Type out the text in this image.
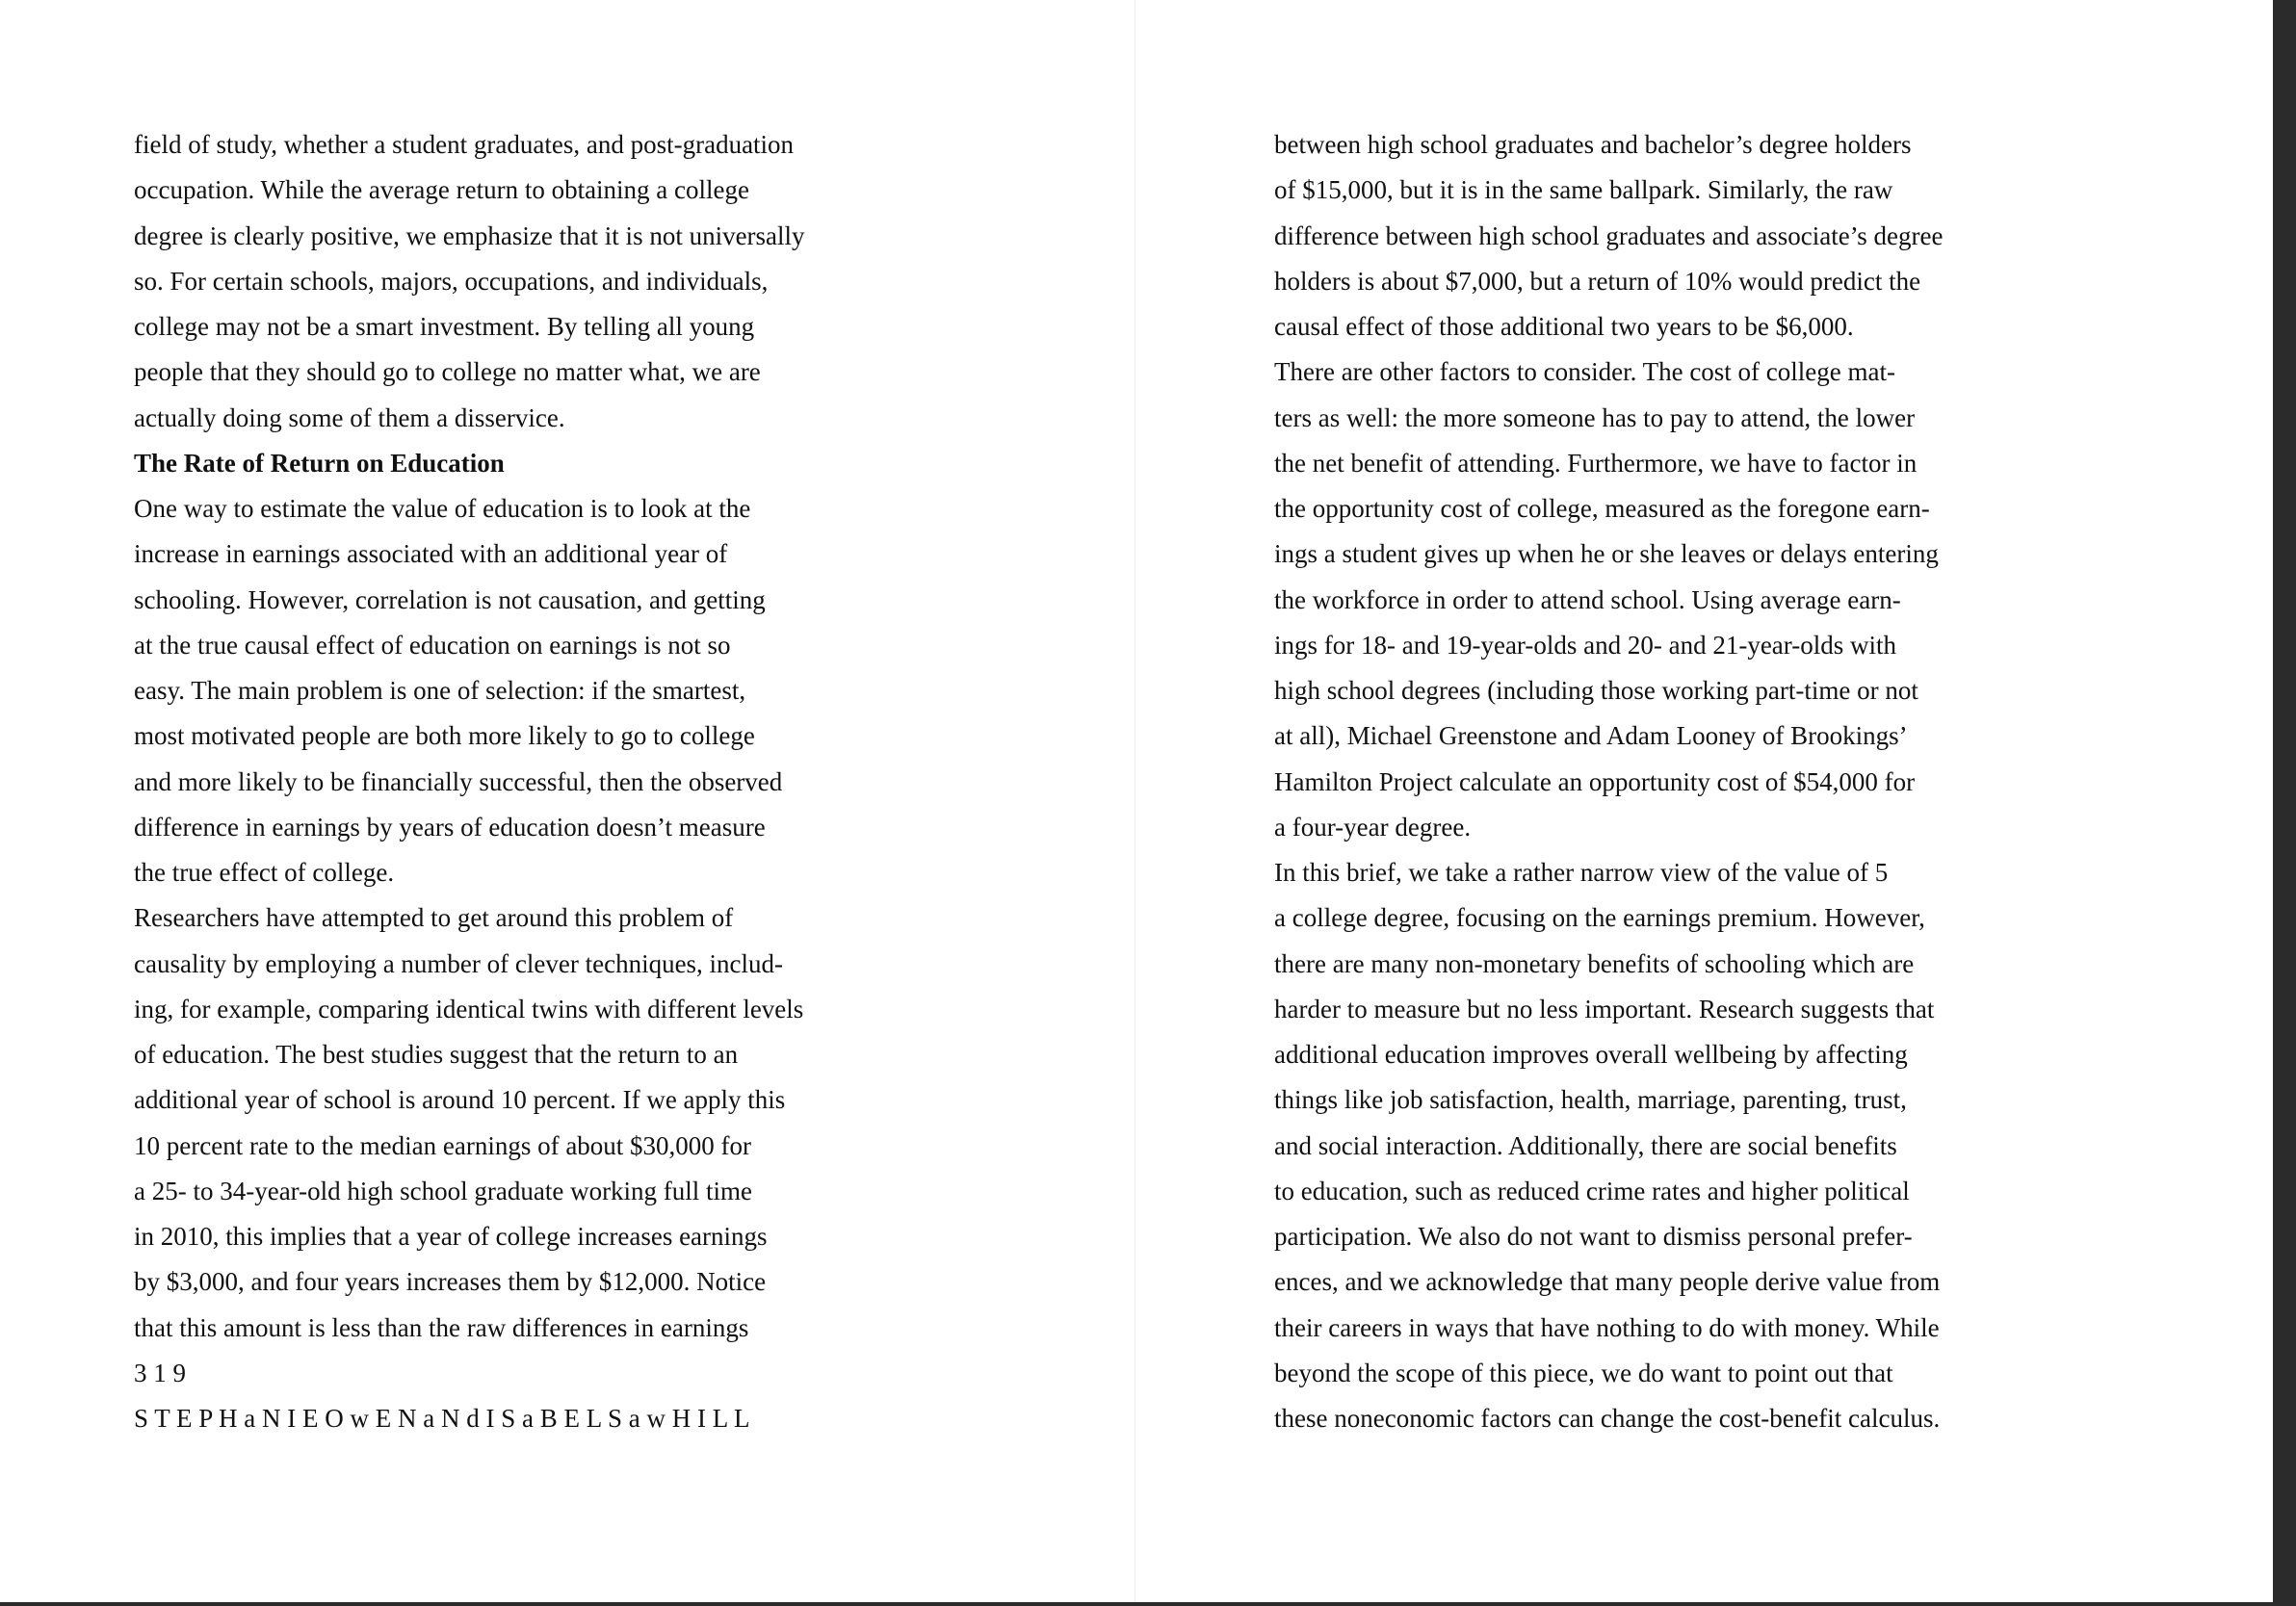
field of study, whether a student graduates, and post-graduation
occupation. While the average return to obtaining a college
degree is clearly positive, we emphasize that it is not universally
so. For certain schools, majors, occupations, and individuals,
college may not be a smart investment. By telling all young
people that they should go to college no matter what, we are
actually doing some of them a disservice.
The Rate of Return on Education
One way to estimate the value of education is to look at the
increase in earnings associated with an additional year of
schooling. However, correlation is not causation, and getting
at the true causal effect of education on earnings is not so
easy. The main problem is one of selection: if the smartest,
most motivated people are both more likely to go to college
and more likely to be financially successful, then the observed
difference in earnings by years of education doesn’t measure
the true effect of college.
Researchers have attempted to get around this problem of
causality by employing a number of clever techniques, includ-
ing, for example, comparing identical twins with different levels
of education. The best studies suggest that the return to an
additional year of school is around 10 percent. If we apply this
10 percent rate to the median earnings of about $30,000 for
a 25- to 34-year-old high school graduate working full time
in 2010, this implies that a year of college increases earnings
by $3,000, and four years increases them by $12,000. Notice
that this amount is less than the raw differences in earnings
3 1 9
S T E P H a N I E O w E N a N d I S a B E L S a w H I L L
between high school graduates and bachelor’s degree holders
of $15,000, but it is in the same ballpark. Similarly, the raw
difference between high school graduates and associate’s degree
holders is about $7,000, but a return of 10% would predict the
causal effect of those additional two years to be $6,000.
There are other factors to consider. The cost of college mat-
ters as well: the more someone has to pay to attend, the lower
the net benefit of attending. Furthermore, we have to factor in
the opportunity cost of college, measured as the foregone earn-
ings a student gives up when he or she leaves or delays entering
the workforce in order to attend school. Using average earn-
ings for 18- and 19-year-olds and 20- and 21-year-olds with
high school degrees (including those working part-time or not
at all), Michael Greenstone and Adam Looney of Brookings’
Hamilton Project calculate an opportunity cost of $54,000 for
a four-year degree.
In this brief, we take a rather narrow view of the value of 5
a college degree, focusing on the earnings premium. However,
there are many non-monetary benefits of schooling which are
harder to measure but no less important. Research suggests that
additional education improves overall wellbeing by affecting
things like job satisfaction, health, marriage, parenting, trust,
and social interaction. Additionally, there are social benefits
to education, such as reduced crime rates and higher political
participation. We also do not want to dismiss personal prefer-
ences, and we acknowledge that many people derive value from
their careers in ways that have nothing to do with money. While
beyond the scope of this piece, we do want to point out that
these noneconomic factors can change the cost-benefit calculus.
